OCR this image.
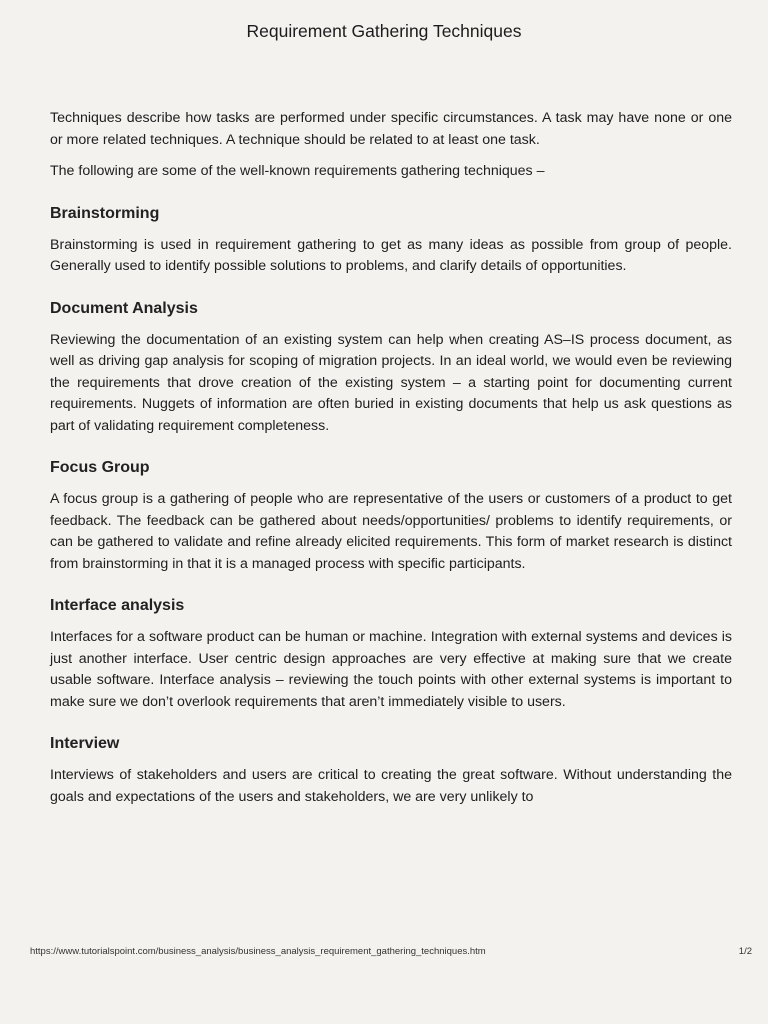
Requirement Gathering Techniques

Techniques describe how tasks are performed under specific circumstances. A task may have none or one or more related techniques. A technique should be related to at least one task.

The following are some of the well-known requirements gathering techniques –

Brainstorming

Brainstorming is used in requirement gathering to get as many ideas as possible from group of people. Generally used to identify possible solutions to problems, and clarify details of opportunities.

Document Analysis

Reviewing the documentation of an existing system can help when creating AS–IS process document, as well as driving gap analysis for scoping of migration projects. In an ideal world, we would even be reviewing the requirements that drove creation of the existing system – a starting point for documenting current requirements. Nuggets of information are often buried in existing documents that help us ask questions as part of validating requirement completeness.

Focus Group

A focus group is a gathering of people who are representative of the users or customers of a product to get feedback. The feedback can be gathered about needs/opportunities/ problems to identify requirements, or can be gathered to validate and refine already elicited requirements. This form of market research is distinct from brainstorming in that it is a managed process with specific participants.

Interface analysis

Interfaces for a software product can be human or machine. Integration with external systems and devices is just another interface. User centric design approaches are very effective at making sure that we create usable software. Interface analysis – reviewing the touch points with other external systems is important to make sure we don’t overlook requirements that aren’t immediately visible to users.

Interview

Interviews of stakeholders and users are critical to creating the great software. Without understanding the goals and expectations of the users and stakeholders, we are very unlikely to

https://www.tutorialspoint.com/business_analysis/business_analysis_requirement_gathering_techniques.htm	1/2
